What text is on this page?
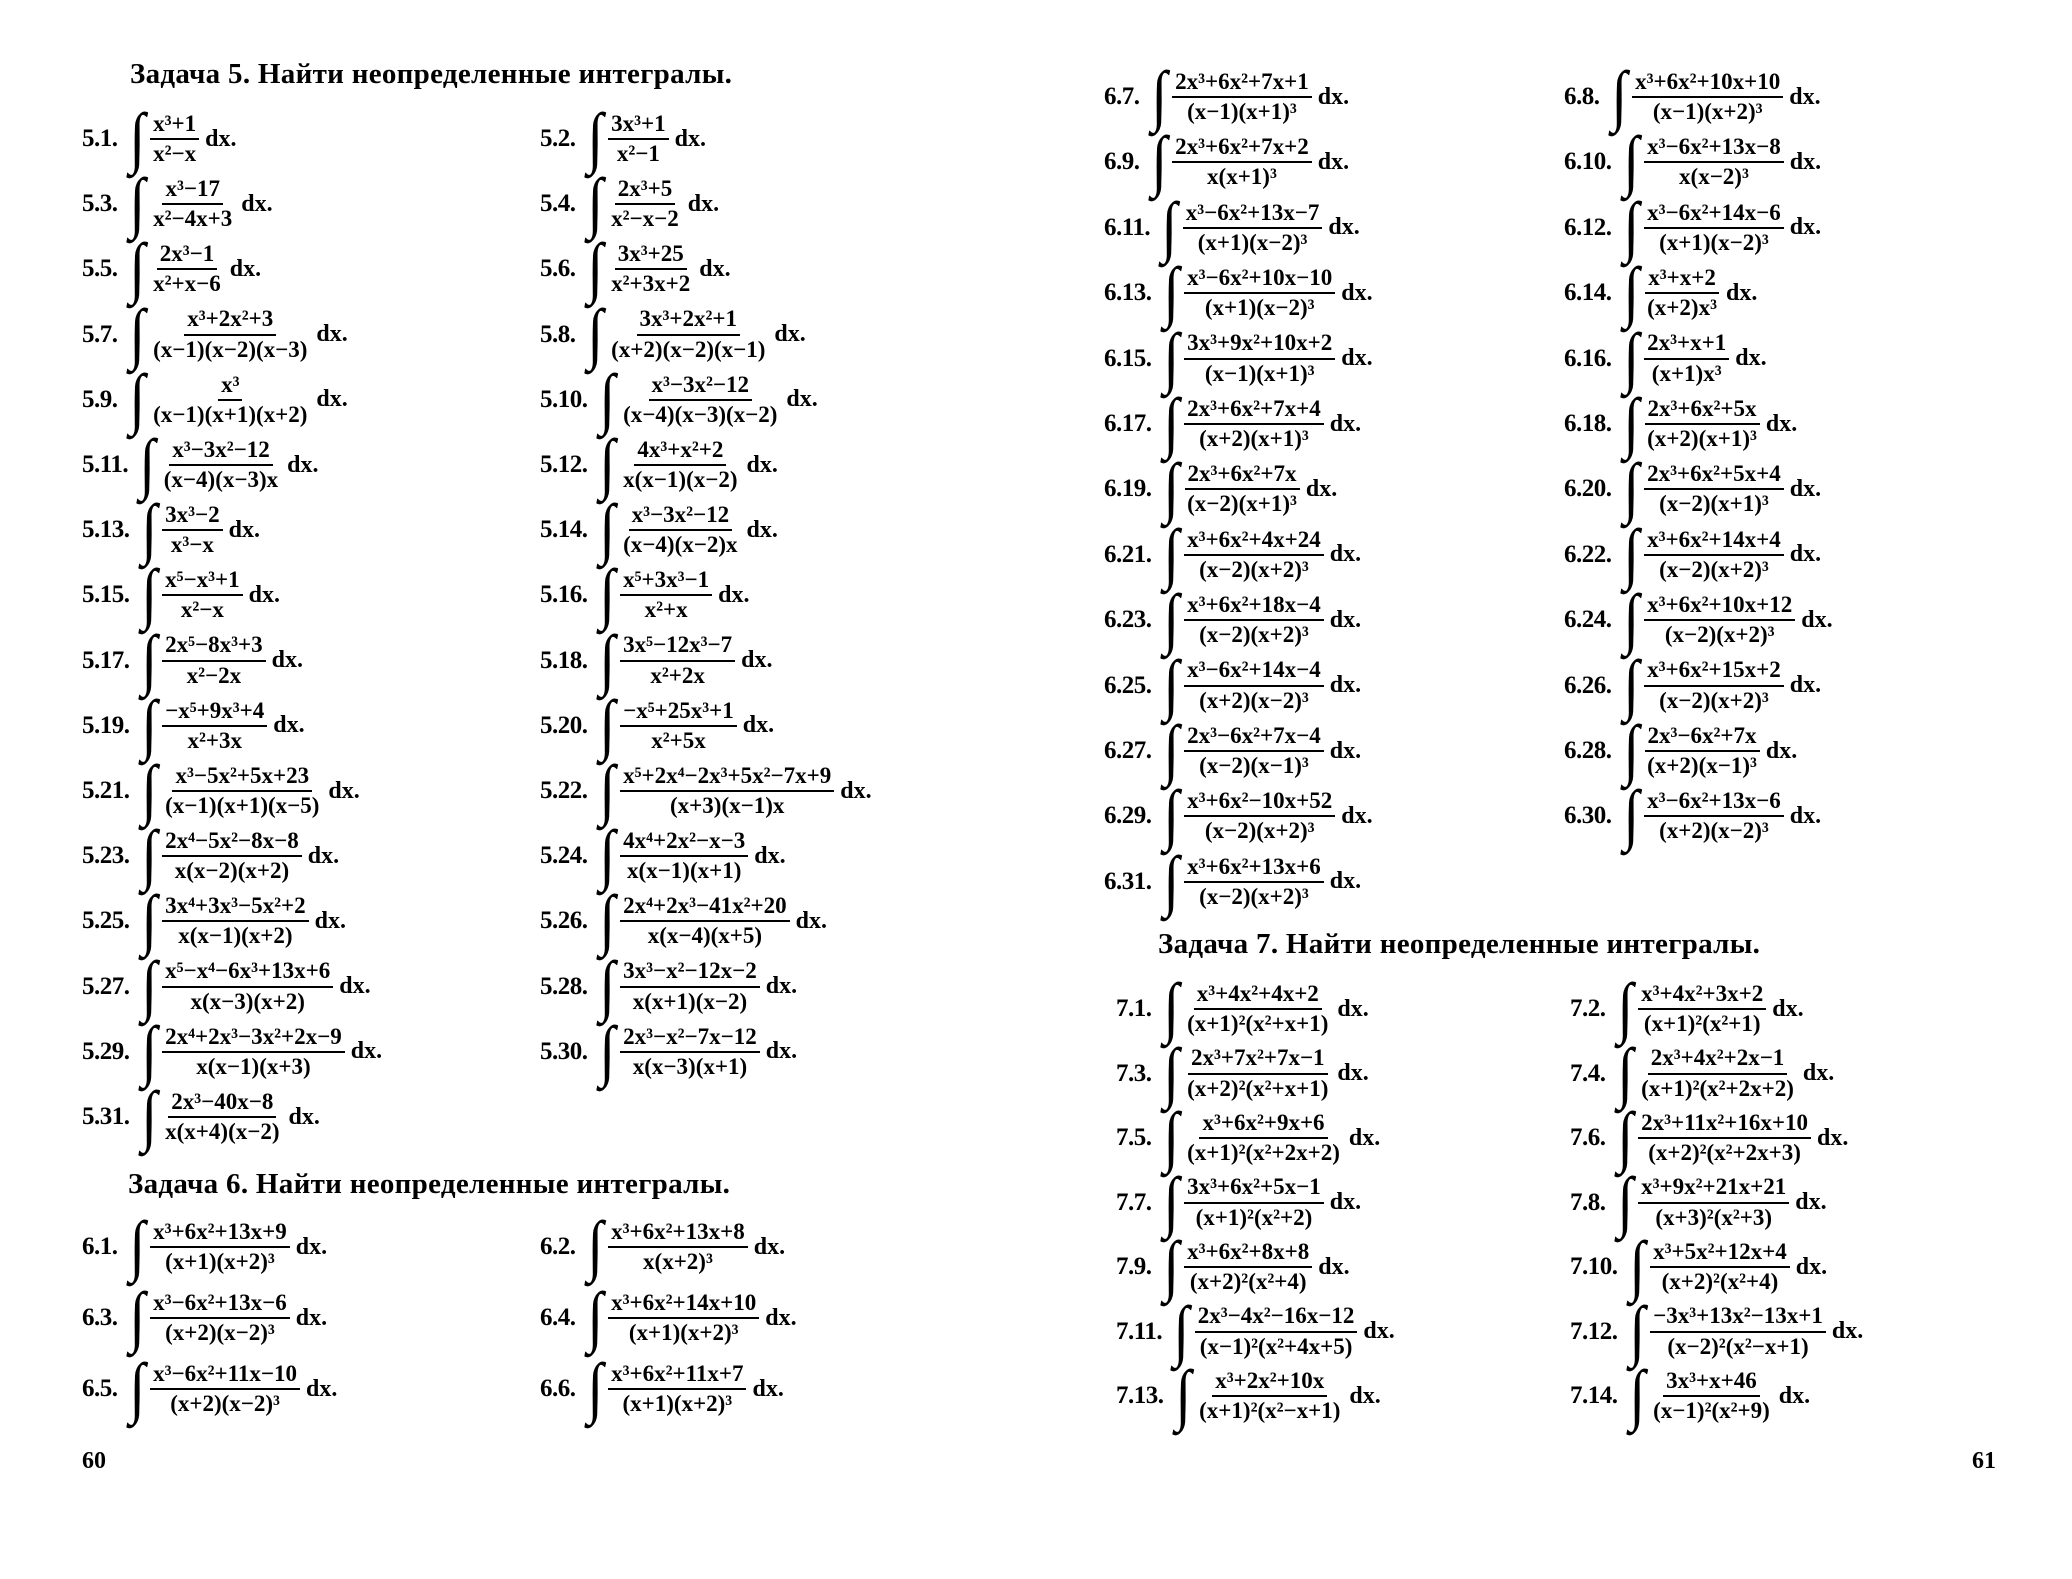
Задача 5. Найти неопределенные интегралы.
5.1. ∫ $\frac{\text{x³+1}}{\text{x²−x}}$ dx.	5.2. ∫ $\frac{\text{3x³+1}}{\text{x²−1}}$ dx.
5.3. ∫ $\frac{\text{x³−17}}{\text{x²−4x+3}}$ dx.	5.4. ∫ $\frac{\text{2x³+5}}{\text{x²−x−2}}$ dx.
5.5. ∫ $\frac{\text{2x³−1}}{\text{x²+x−6}}$ dx.	5.6. ∫ $\frac{\text{3x³+25}}{\text{x²+3x+2}}$ dx.
5.7. ∫ $\frac{\text{x³+2x²+3}}{(x-1)(x-2)(x-3)}$ dx.	5.8. ∫ $\frac{\text{3x³+2x²+1}}{(x+2)(x-2)(x-1)}$ dx.
5.9. ∫ $\frac{\text{x³}}{(x-1)(x+1)(x+2)}$ dx.	5.10. ∫ $\frac{\text{x³−3x²−12}}{(x-4)(x-3)(x-2)}$ dx.
5.11. ∫ $\frac{\text{x³−3x²−12}}{(x-4)(x-3)x}$ dx.	5.12. ∫ $\frac{\text{4x³+x²+2}}{x(x-1)(x-2)}$ dx.
5.13. ∫ $\frac{\text{3x³−2}}{\text{x³−x}}$ dx.	5.14. ∫ $\frac{\text{x³−3x²−12}}{(x-4)(x-2)x}$ dx.
5.15. ∫ $\frac{\text{x⁵−x³+1}}{\text{x²−x}}$ dx.	5.16. ∫ $\frac{\text{x⁵+3x³−1}}{\text{x²+x}}$ dx.
5.17. ∫ $\frac{\text{2x⁵−8x³+3}}{\text{x²−2x}}$ dx.	5.18. ∫ $\frac{\text{3x⁵−12x³−7}}{\text{x²+2x}}$ dx.
5.19. ∫ $\frac{\text{−x⁵+9x³+4}}{\text{x²+3x}}$ dx.	5.20. ∫ $\frac{\text{−x⁵+25x³+1}}{\text{x²+5x}}$ dx.
5.21. ∫ $\frac{\text{x³−5x²+5x+23}}{(x-1)(x+1)(x-5)}$ dx.	5.22. ∫ $\frac{\text{x⁵+2x⁴−2x³+5x²−7x+9}}{(x+3)(x-1)x}$ dx.
5.23. ∫ $\frac{\text{2x⁴−5x²−8x−8}}{x(x-2)(x+2)}$ dx.	5.24. ∫ $\frac{\text{4x⁴+2x²−x−3}}{x(x-1)(x+1)}$ dx.
5.25. ∫ $\frac{\text{3x⁴+3x³−5x²+2}}{x(x-1)(x+2)}$ dx.	5.26. ∫ $\frac{\text{2x⁴+2x³−41x²+20}}{x(x-4)(x+5)}$ dx.
5.27. ∫ $\frac{\text{x⁵−x⁴−6x³+13x+6}}{x(x-3)(x+2)}$ dx.	5.28. ∫ $\frac{\text{3x³−x²−12x−2}}{x(x+1)(x-2)}$ dx.
5.29. ∫ $\frac{\text{2x⁴+2x³−3x²+2x−9}}{x(x-1)(x+3)}$ dx.	5.30. ∫ $\frac{\text{2x³−x²−7x−12}}{x(x-3)(x+1)}$ dx.
5.31. ∫ $\frac{\text{2x³−40x−8}}{x(x+4)(x-2)}$ dx.
Задача 6. Найти неопределенные интегралы.
6.1. ∫ $\frac{\text{x³+6x²+13x+9}}{\text{(x+1)(x+2)³}}$ dx.	6.2. ∫ $\frac{\text{x³+6x²+13x+8}}{\text{x(x+2)³}}$ dx.
6.3. ∫ $\frac{\text{x³−6x²+13x−6}}{\text{(x+2)(x−2)³}}$ dx.	6.4. ∫ $\frac{\text{x³+6x²+14x+10}}{\text{(x+1)(x+2)³}}$ dx.
6.5. ∫ $\frac{\text{x³−6x²+11x−10}}{\text{(x+2)(x−2)³}}$ dx.	6.6. ∫ $\frac{\text{x³+6x²+11x+7}}{\text{(x+1)(x+2)³}}$ dx.
60
6.7. ∫ $\frac{\text{2x³+6x²+7x+1}}{\text{(x−1)(x+1)³}}$ dx.	6.8. ∫ $\frac{\text{x³+6x²+10x+10}}{\text{(x−1)(x+2)³}}$ dx.
6.9. ∫ $\frac{\text{2x³+6x²+7x+2}}{\text{x(x+1)³}}$ dx.	6.10. ∫ $\frac{\text{x³−6x²+13x−8}}{\text{x(x−2)³}}$ dx.
6.11. ∫ $\frac{\text{x³−6x²+13x−7}}{\text{(x+1)(x−2)³}}$ dx.	6.12. ∫ $\frac{\text{x³−6x²+14x−6}}{\text{(x+1)(x−2)³}}$ dx.
6.13. ∫ $\frac{\text{x³−6x²+10x−10}}{\text{(x+1)(x−2)³}}$ dx.	6.14. ∫ $\frac{\text{x³+x+2}}{\text{(x+2)x³}}$ dx.
6.15. ∫ $\frac{\text{3x³+9x²+10x+2}}{\text{(x−1)(x+1)³}}$ dx.	6.16. ∫ $\frac{\text{2x³+x+1}}{\text{(x+1)x³}}$ dx.
6.17. ∫ $\frac{\text{2x³+6x²+7x+4}}{\text{(x+2)(x+1)³}}$ dx.	6.18. ∫ $\frac{\text{2x³+6x²+5x}}{\text{(x+2)(x+1)³}}$ dx.
6.19. ∫ $\frac{\text{2x³+6x²+7x}}{\text{(x−2)(x+1)³}}$ dx.	6.20. ∫ $\frac{\text{2x³+6x²+5x+4}}{\text{(x−2)(x+1)³}}$ dx.
6.21. ∫ $\frac{\text{x³+6x²+4x+24}}{\text{(x−2)(x+2)³}}$ dx.	6.22. ∫ $\frac{\text{x³+6x²+14x+4}}{\text{(x−2)(x+2)³}}$ dx.
6.23. ∫ $\frac{\text{x³+6x²+18x−4}}{\text{(x−2)(x+2)³}}$ dx.	6.24. ∫ $\frac{\text{x³+6x²+10x+12}}{\text{(x−2)(x+2)³}}$ dx.
6.25. ∫ $\frac{\text{x³−6x²+14x−4}}{\text{(x+2)(x−2)³}}$ dx.	6.26. ∫ $\frac{\text{x³+6x²+15x+2}}{\text{(x−2)(x+2)³}}$ dx.
6.27. ∫ $\frac{\text{2x³−6x²+7x−4}}{\text{(x−2)(x−1)³}}$ dx.	6.28. ∫ $\frac{\text{2x³−6x²+7x}}{\text{(x+2)(x−1)³}}$ dx.
6.29. ∫ $\frac{\text{x³+6x²−10x+52}}{\text{(x−2)(x+2)³}}$ dx.	6.30. ∫ $\frac{\text{x³−6x²+13x−6}}{\text{(x+2)(x−2)³}}$ dx.
6.31. ∫ $\frac{\text{x³+6x²+13x+6}}{\text{(x−2)(x+2)³}}$ dx.
Задача 7. Найти неопределенные интегралы.
7.1. ∫ $\frac{\text{x³+4x²+4x+2}}{\text{(x+1)²(x²+x+1)}}$ dx.	7.2. ∫ $\frac{\text{x³+4x²+3x+2}}{\text{(x+1)²(x²+1)}}$ dx.
7.3. ∫ $\frac{\text{2x³+7x²+7x−1}}{\text{(x+2)²(x²+x+1)}}$ dx.	7.4. ∫ $\frac{\text{2x³+4x²+2x−1}}{\text{(x+1)²(x²+2x+2)}}$ dx.
7.5. ∫ $\frac{\text{x³+6x²+9x+6}}{\text{(x+1)²(x²+2x+2)}}$ dx.	7.6. ∫ $\frac{\text{2x³+11x²+16x+10}}{\text{(x+2)²(x²+2x+3)}}$ dx.
7.7. ∫ $\frac{\text{3x³+6x²+5x−1}}{\text{(x+1)²(x²+2)}}$ dx.	7.8. ∫ $\frac{\text{x³+9x²+21x+21}}{\text{(x+3)²(x²+3)}}$ dx.
7.9. ∫ $\frac{\text{x³+6x²+8x+8}}{\text{(x+2)²(x²+4)}}$ dx.	7.10. ∫ $\frac{\text{x³+5x²+12x+4}}{\text{(x+2)²(x²+4)}}$ dx.
7.11. ∫ $\frac{\text{2x³−4x²−16x−12}}{\text{(x−1)²(x²+4x+5)}}$ dx.	7.12. ∫ $\frac{\text{−3x³+13x²−13x+1}}{\text{(x−2)²(x²−x+1)}}$ dx.
7.13. ∫ $\frac{\text{x³+2x²+10x}}{\text{(x+1)²(x²−x+1)}}$ dx.	7.14. ∫ $\frac{\text{3x³+x+46}}{\text{(x−1)²(x²+9)}}$ dx.
61
